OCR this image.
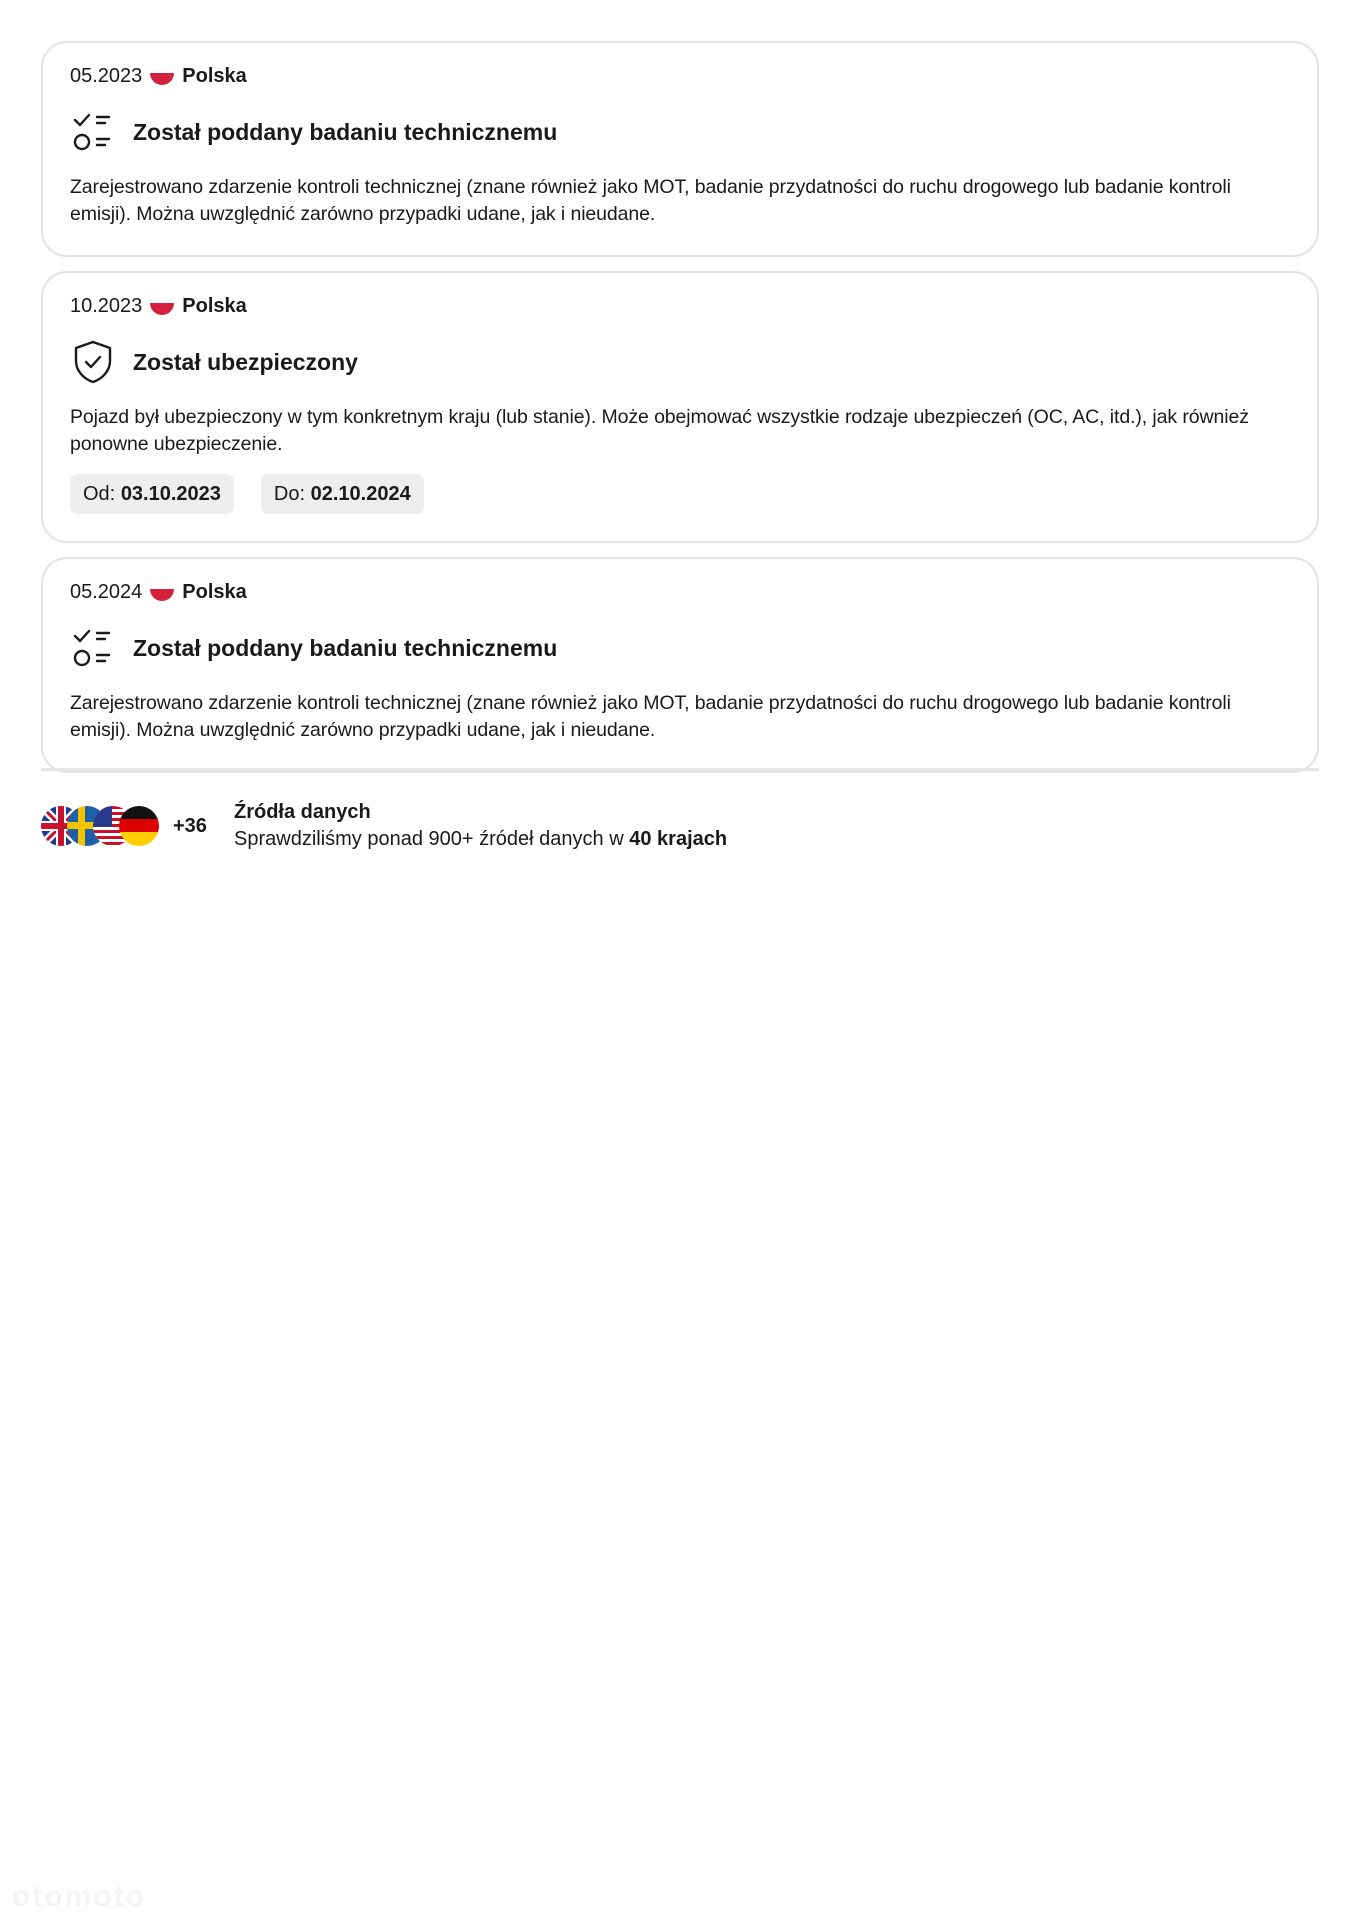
05.2023 Polska
Został poddany badaniu technicznemu
Zarejestrowano zdarzenie kontroli technicznej (znane również jako MOT, badanie przydatności do ruchu drogowego lub badanie kontroli emisji). Można uwzględnić zarówno przypadki udane, jak i nieudane.
10.2023 Polska
Został ubezpieczony
Pojazd był ubezpieczony w tym konkretnym kraju (lub stanie). Może obejmować wszystkie rodzaje ubezpieczeń (OC, AC, itd.), jak również ponowne ubezpieczenie.
Od: 03.10.2023	Do: 02.10.2024
05.2024 Polska
Został poddany badaniu technicznemu
Zarejestrowano zdarzenie kontroli technicznej (znane również jako MOT, badanie przydatności do ruchu drogowego lub badanie kontroli emisji). Można uwzględnić zarówno przypadki udane, jak i nieudane.
+36
Źródła danych
Sprawdziliśmy ponad 900+ źródeł danych w 40 krajach
otomoto
